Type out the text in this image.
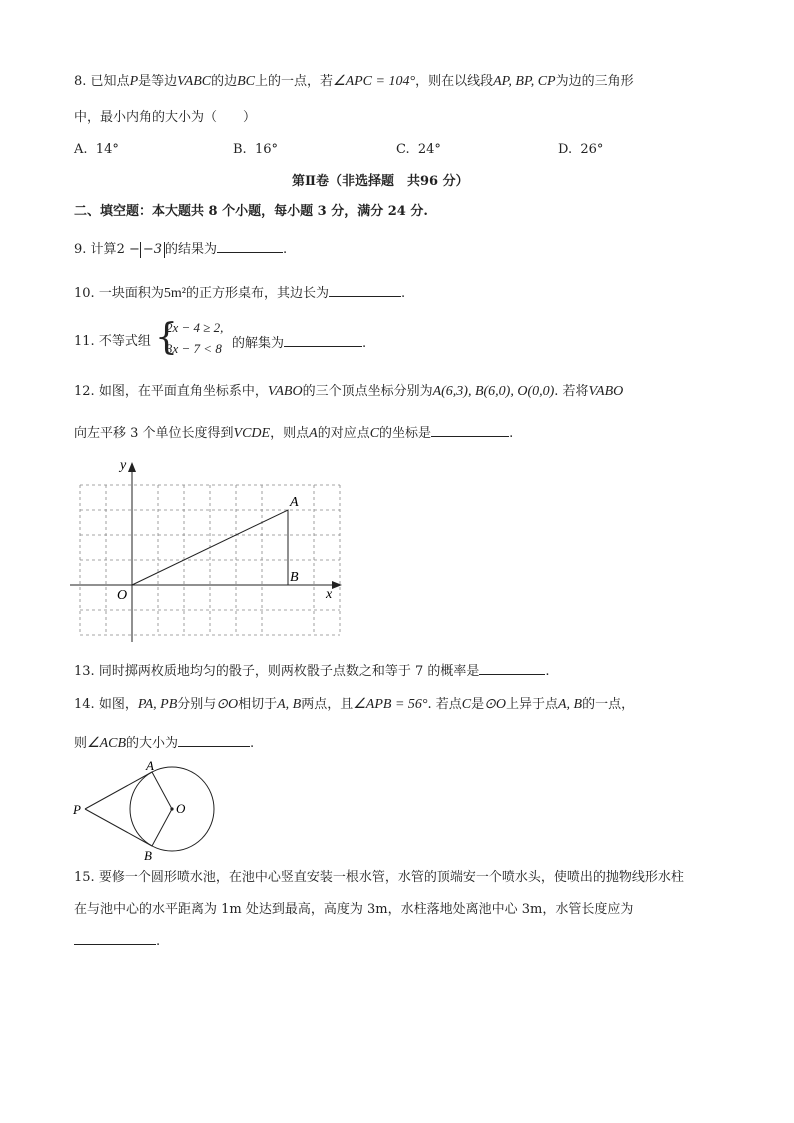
8. 已知点P是等边VABC的边BC上的一点，若∠APC = 104°，则在以线段AP, BP, CP为边的三角形
中，最小内角的大小为（　　）
A. 14°	B. 16°	C. 24°	D. 26°
第Ⅱ卷（非选择题　共96 分）
二、填空题：本大题共 8 个小题，每小题 3 分，满分 24 分.
9. 计算2 − −3 的结果为	.
10. 一块面积为5m²的正方形桌布，其边长为	.
11. 不等式组 {
2x − 4 ≥ 2,
3x − 7 < 8 的解集为	.
12. 如图，在平面直角坐标系中，VABO的三个顶点坐标分别为A(6,3), B(6,0), O(0,0). 若将VABO
向左平移 3 个单位长度得到VCDE，则点A的对应点C的坐标是	.
y
x
O
A
B
13. 同时掷两枚质地均匀的骰子，则两枚骰子点数之和等于 7 的概率是	.
14. 如图，PA, PB分别与⊙O相切于A, B两点，且∠APB = 56°. 若点C是⊙O上异于点A, B的一点，
则∠ACB的大小为	.
A
B
P	O
15. 要修一个圆形喷水池，在池中心竖直安装一根水管，水管的顶端安一个喷水头，使喷出的抛物线形水柱
在与池中心的水平距离为 1m 处达到最高，高度为 3m，水柱落地处离池中心 3m，水管长度应为
.
